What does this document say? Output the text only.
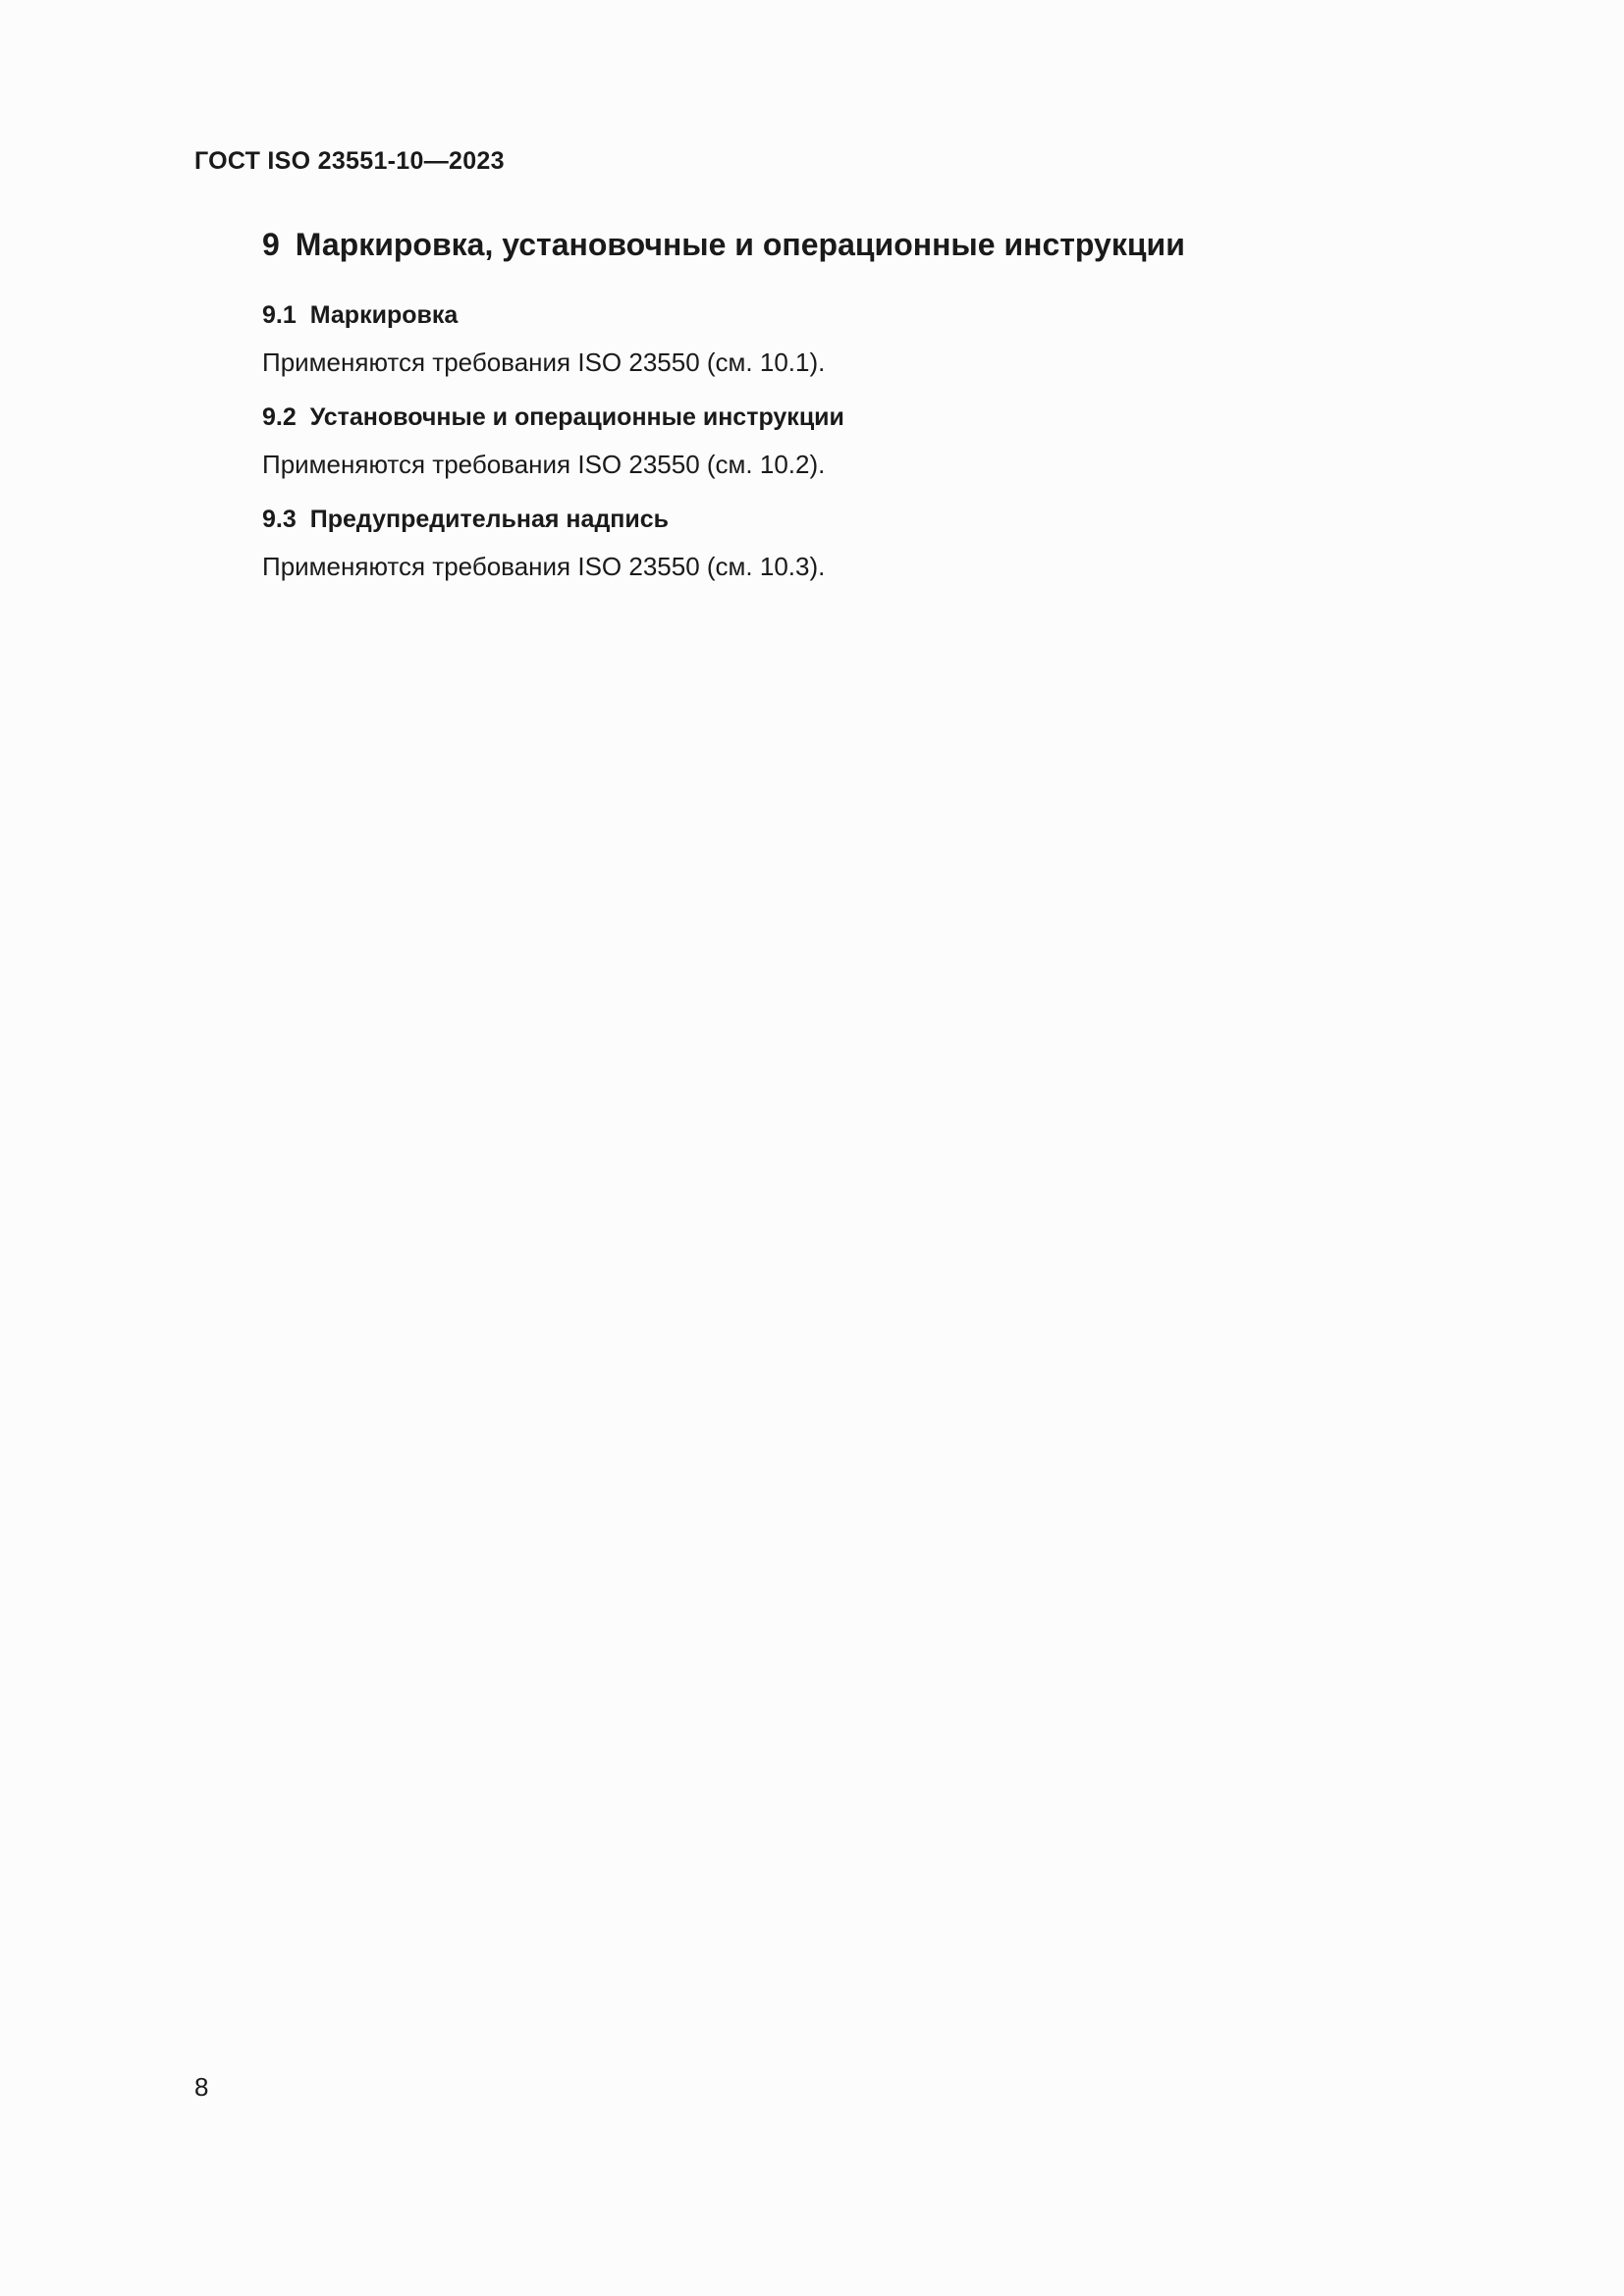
ГОСТ ISO 23551-10—2023
9 Маркировка, установочные и операционные инструкции
9.1 Маркировка

Применяются требования ISO 23550 (см. 10.1).

9.2 Установочные и операционные инструкции

Применяются требования ISO 23550 (см. 10.2).

9.3 Предупредительная надпись

Применяются требования ISO 23550 (см. 10.3).

8
